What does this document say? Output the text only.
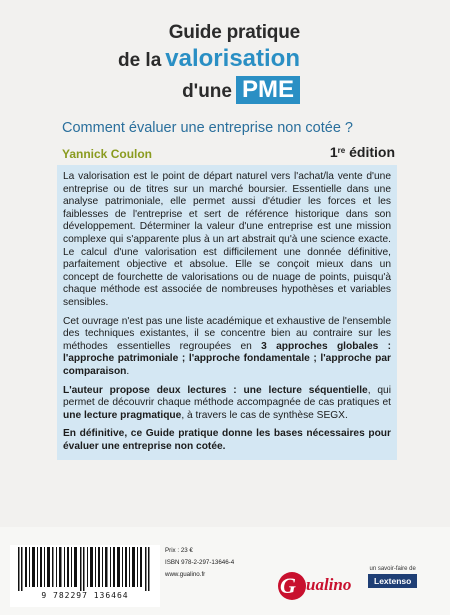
Guide pratique
de la valorisation
d'une PME
Comment évaluer une entreprise non cotée ?
Yannick Coulon	1re édition

La valorisation est le point de départ naturel vers l'achat/la vente d'une entreprise ou de titres sur un marché boursier. Essentielle dans une analyse patrimoniale, elle permet aussi d'étudier les forces et les faiblesses de l'entreprise et sert de référence historique dans son développement. Déterminer la valeur d'une entreprise est une mission complexe qui s'apparente plus à un art abstrait qu'à une science exacte. Le calcul d'une valorisation est difficilement une donnée définitive, parfaitement objective et absolue. Elle se conçoit mieux dans un concept de fourchette de valorisations ou de nuage de points, puisqu'à chaque méthode est associée de nombreuses hypothèses et variables sensibles.

Cet ouvrage n'est pas une liste académique et exhaustive de l'ensemble des techniques existantes, il se concentre bien au contraire sur les méthodes essentielles regroupées en 3 approches globales : l'approche patrimoniale ; l'approche fondamentale ; l'approche par comparaison.

L'auteur propose deux lectures : une lecture séquentielle, qui permet de découvrir chaque méthode accompagnée de cas pratiques et une lecture pragmatique, à travers le cas de synthèse SEGX.

En définitive, ce Guide pratique donne les bases nécessaires pour évaluer une entreprise non cotée.

9 782297 136464
Prix : 23 €
ISBN 978-2-297-13646-4
www.gualino.fr	G ualino
un savoir-faire de
Lextenso
